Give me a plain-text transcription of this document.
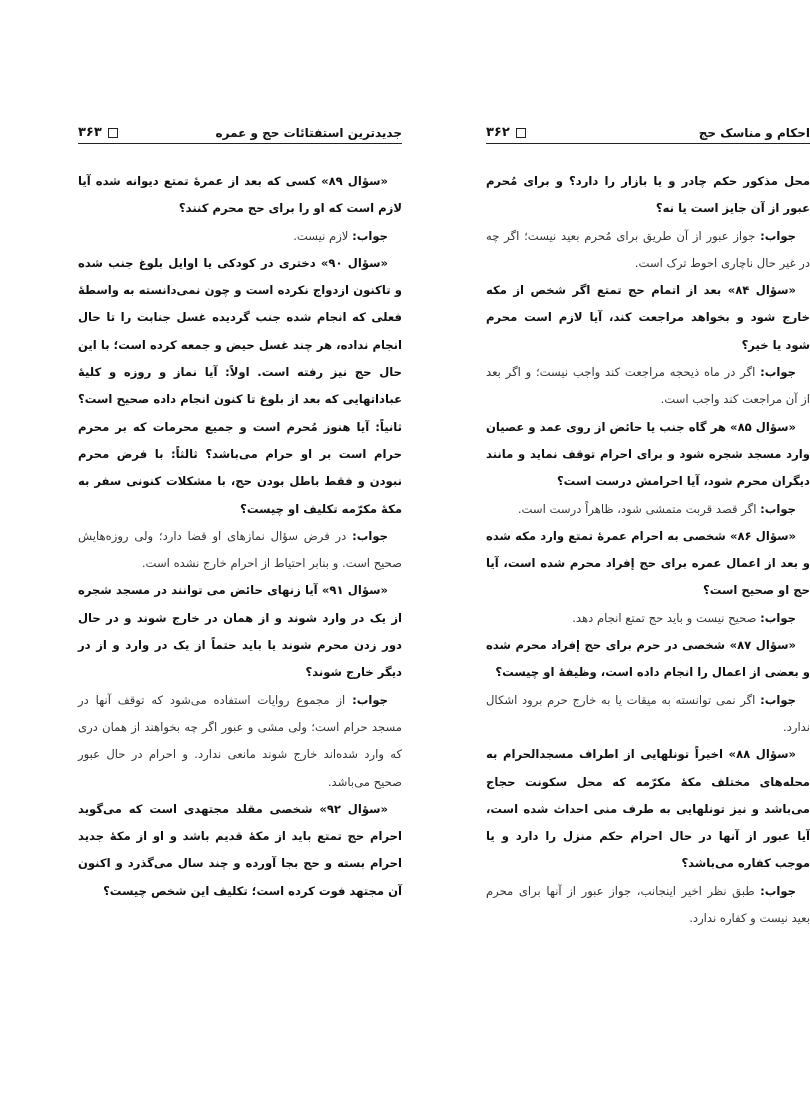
جدیدترین استفتائات حج و عمره
۳۶۳

«سؤال ۸۹» کسی که بعد از عمرهٔ تمتع دیوانه شده آیا لازم است که او را برای حج محرم کنند؟

جواب: لازم نیست.

«سؤال ۹۰» دختری در کودکی یا اوایل بلوغ جنب شده و تاکنون ازدواج نکرده است و چون نمی‌دانسته به واسطهٔ فعلی که انجام شده جنب گردیده غسل جنابت را تا حال انجام نداده، هر چند غسل حیض و جمعه کرده است؛ با این حال حج نیز رفته است. اولاً: آیا نماز و روزه و کلیهٔ عباداتهایی که بعد از بلوغ تا کنون انجام داده صحیح است؟ ثانیاً: آیا هنوز مُحرم است و جمیع محرمات که بر محرم حرام است بر او حرام می‌باشد؟ ثالثاً: با فرض محرم نبودن و فقط باطل بودن حج، با مشکلات کنونی سفر به مکهٔ مکرّمه تکلیف او چیست؟

جواب: در فرض سؤال نمازهای او قضا دارد؛ ولی روزه‌هایش صحیح است. و بنابر احتیاط از احرام خارج نشده است.

«سؤال ۹۱» آیا زنهای حائض می توانند در مسجد شجره از یک در وارد شوند و از همان در خارج شوند و در حال دور زدن محرم شوند یا باید حتماً از یک در وارد و از در دیگر خارج شوند؟

جواب: از مجموع روایات استفاده می‌شود که توقف آنها در مسجد حرام است؛ ولی مشی و عبور اگر چه بخواهند از همان دری که وارد شده‌اند خارج شوند مانعی ندارد. و احرام در حال عبور صحیح می‌باشد.

«سؤال ۹۲» شخصی مقلد مجتهدی است که می‌گوید احرام حج تمتع باید از مکهٔ قدیم باشد و او از مکهٔ جدید احرام بسته و حج بجا آورده و چند سال می‌گذرد و اکنون آن مجتهد فوت کرده است؛ تکلیف این شخص چیست؟

احکام و مناسک حج
۳۶۲

محل مذکور حکم چادر و یا بازار را دارد؟ و برای مُحرم عبور از آن جایز است یا نه؟

جواب: جواز عبور از آن طریق برای مُحرم بعید نیست؛ اگر چه در غیر حال ناچاری احوط ترک است.

«سؤال ۸۴» بعد از اتمام حج تمتع اگر شخص از مکه خارج شود و بخواهد مراجعت کند، آیا لازم است محرم شود یا خیر؟

جواب: اگر در ماه ذیحجه مراجعت کند واجب نیست؛ و اگر بعد از آن مراجعت کند واجب است.

«سؤال ۸۵» هر گاه جنب یا حائض از روی عمد و عصیان وارد مسجد شجره شود و برای احرام توقف نماید و مانند دیگران محرم شود، آیا احرامش درست است؟

جواب: اگر قصد قربت متمشی شود، ظاهراً درست است.

«سؤال ۸۶» شخصی به احرام عمرهٔ تمتع وارد مکه شده و بعد از اعمال عمره برای حج إفراد محرم شده است، آیا حج او صحیح است؟

جواب: صحیح نیست و باید حج تمتع انجام دهد.

«سؤال ۸۷» شخصی در حرم برای حج إفراد محرم شده و بعضی از اعمال را انجام داده است، وظیفهٔ او چیست؟

جواب: اگر نمی توانسته به میقات یا به خارج حرم برود اشکال ندارد.

«سؤال ۸۸» اخیراً تونلهایی از اطراف مسجدالحرام به محله‌های مختلف مکهٔ مکرّمه که محل سکونت حجاج می‌باشد و نیز تونلهایی به طرف منی احداث شده است، آیا عبور از آنها در حال احرام حکم منزل را دارد و یا موجب کفاره می‌باشد؟

جواب: طبق نظر اخیر اینجانب، جواز عبور از آنها برای محرم بعید نیست و کفاره ندارد.
